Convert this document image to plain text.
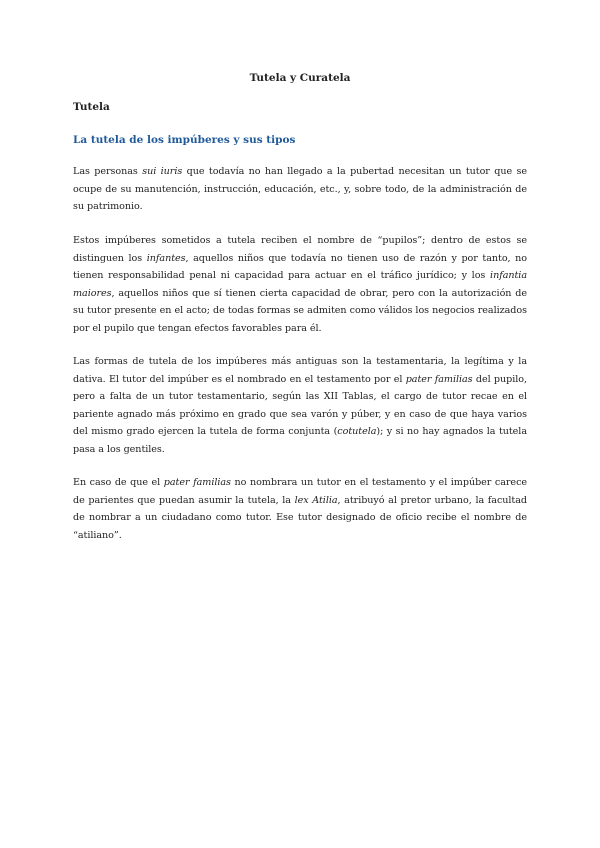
Tutela y Curatela
Tutela
La tutela de los impúberes y sus tipos

Las personas sui iuris que todavía no han llegado a la pubertad necesitan un tutor que se ocupe de su manutención, instrucción, educación, etc., y, sobre todo, de la administración de su patrimonio.

Estos impúberes sometidos a tutela reciben el nombre de “pupilos”; dentro de estos se distinguen los infantes, aquellos niños que todavía no tienen uso de razón y por tanto, no tienen responsabilidad penal ni capacidad para actuar en el tráfico jurídico; y los infantia maiores, aquellos niños que sí tienen cierta capacidad de obrar, pero con la autorización de su tutor presente en el acto; de todas formas se admiten como válidos los negocios realizados por el pupilo que tengan efectos favorables para él.

Las formas de tutela de los impúberes más antiguas son la testamentaria, la legítima y la dativa. El tutor del impúber es el nombrado en el testamento por el pater familias del pupilo, pero a falta de un tutor testamentario, según las XII Tablas, el cargo de tutor recae en el pariente agnado más próximo en grado que sea varón y púber, y en caso de que haya varios del mismo grado ejercen la tutela de forma conjunta (cotutela); y si no hay agnados la tutela pasa a los gentiles.

En caso de que el pater familias no nombrara un tutor en el testamento y el impúber carece de parientes que puedan asumir la tutela, la lex Atilia, atribuyó al pretor urbano, la facultad de nombrar a un ciudadano como tutor. Ese tutor designado de oficio recibe el nombre de “atiliano”.
